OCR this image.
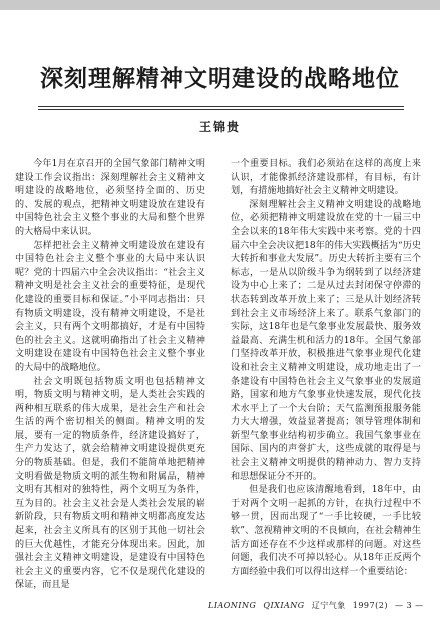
深刻理解精神文明建设的战略地位
王锦贵

今年1月在京召开的全国气象部门精神文明建设工作会议指出：深刻理解社会主义精神文明建设的战略地位，必须坚持全面的、历史的、发展的观点，把精神文明建设放在建设有中国特色社会主义整个事业的大局和整个世界的大格局中来认识。

怎样把社会主义精神文明建设放在建设有中国特色社会主义整个事业的大局中来认识呢？党的十四届六中全会决议指出：“社会主义精神文明是社会主义社会的重要特征，是现代化建设的重要目标和保证。”小平同志指出：只有物质文明建设，没有精神文明建设，不是社会主义，只有两个文明都搞好，才是有中国特色的社会主义。这就明确指出了社会主义精神文明建设在建设有中国特色社会主义整个事业的大局中的战略地位。

社会文明既包括物质文明也包括精神文明，物质文明与精神文明，是人类社会实践的两种相互联系的伟大成果，是社会生产和社会生活的两个密切相关的侧面。精神文明的发展，要有一定的物质条件，经济建设搞好了，生产力发达了，就会给精神文明建设提供更充分的物质基础。但是，我们不能简单地把精神文明看做是物质文明的派生物和附属品，精神文明有其相对的独特性，两个文明互为条件，互为目的。社会主义社会是人类社会发展的崭新阶段，只有物质文明和精神文明都高度发达起来，社会主义所具有的区别于其他一切社会的巨大优越性，才能充分体现出来。因此，加强社会主义精神文明建设，是建设有中国特色社会主义的重要内容，它不仅是现代化建设的保证，而且是

一个重要目标。我们必须站在这样的高度上来认识，才能像抓经济建设那样，有目标，有计划，有措施地搞好社会主义精神文明建设。

深刻理解社会主义精神文明建设的战略地位，必须把精神文明建设放在党的十一届三中全会以来的18年伟大实践中来考察。党的十四届六中全会决议把18年的伟大实践概括为“历史大转折和事业大发展”。历史大转折主要有三个标志，一是从以阶级斗争为纲转到了以经济建设为中心上来了；二是从过去封闭保守停滞的状态转到改革开放上来了；三是从计划经济转到社会主义市场经济上来了。联系气象部门的实际，这18年也是气象事业发展最快、服务效益最高、充满生机和活力的18年。全国气象部门坚持改革开放，积极推进气象事业现代化建设和社会主义精神文明建设，成功地走出了一条建设有中国特色社会主义气象事业的发展道路，国家和地方气象事业快速发展，现代化技术水平上了一个大台阶；天气监测预报服务能力大大增强，效益显著提高；领导管理体制和新型气象事业结构初步确立。我国气象事业在国际、国内的声誉扩大，这些成就的取得是与社会主义精神文明提供的精神动力、智力支持和思想保证分不开的。

但是我们也应该清醒地看到，18年中，由于对两个文明一起抓的方针，在执行过程中不够一贯，因而出现了“一手比较硬，一手比较软”、忽视精神文明的不良倾向，在社会精神生活方面还存在不少这样或那样的问题。对这些问题，我们决不可掉以轻心。从18年正反两个方面经验中我们可以得出这样一个重要结论：

LIAONING QIXIANG 辽宁气象 1997(2) — 3 —
